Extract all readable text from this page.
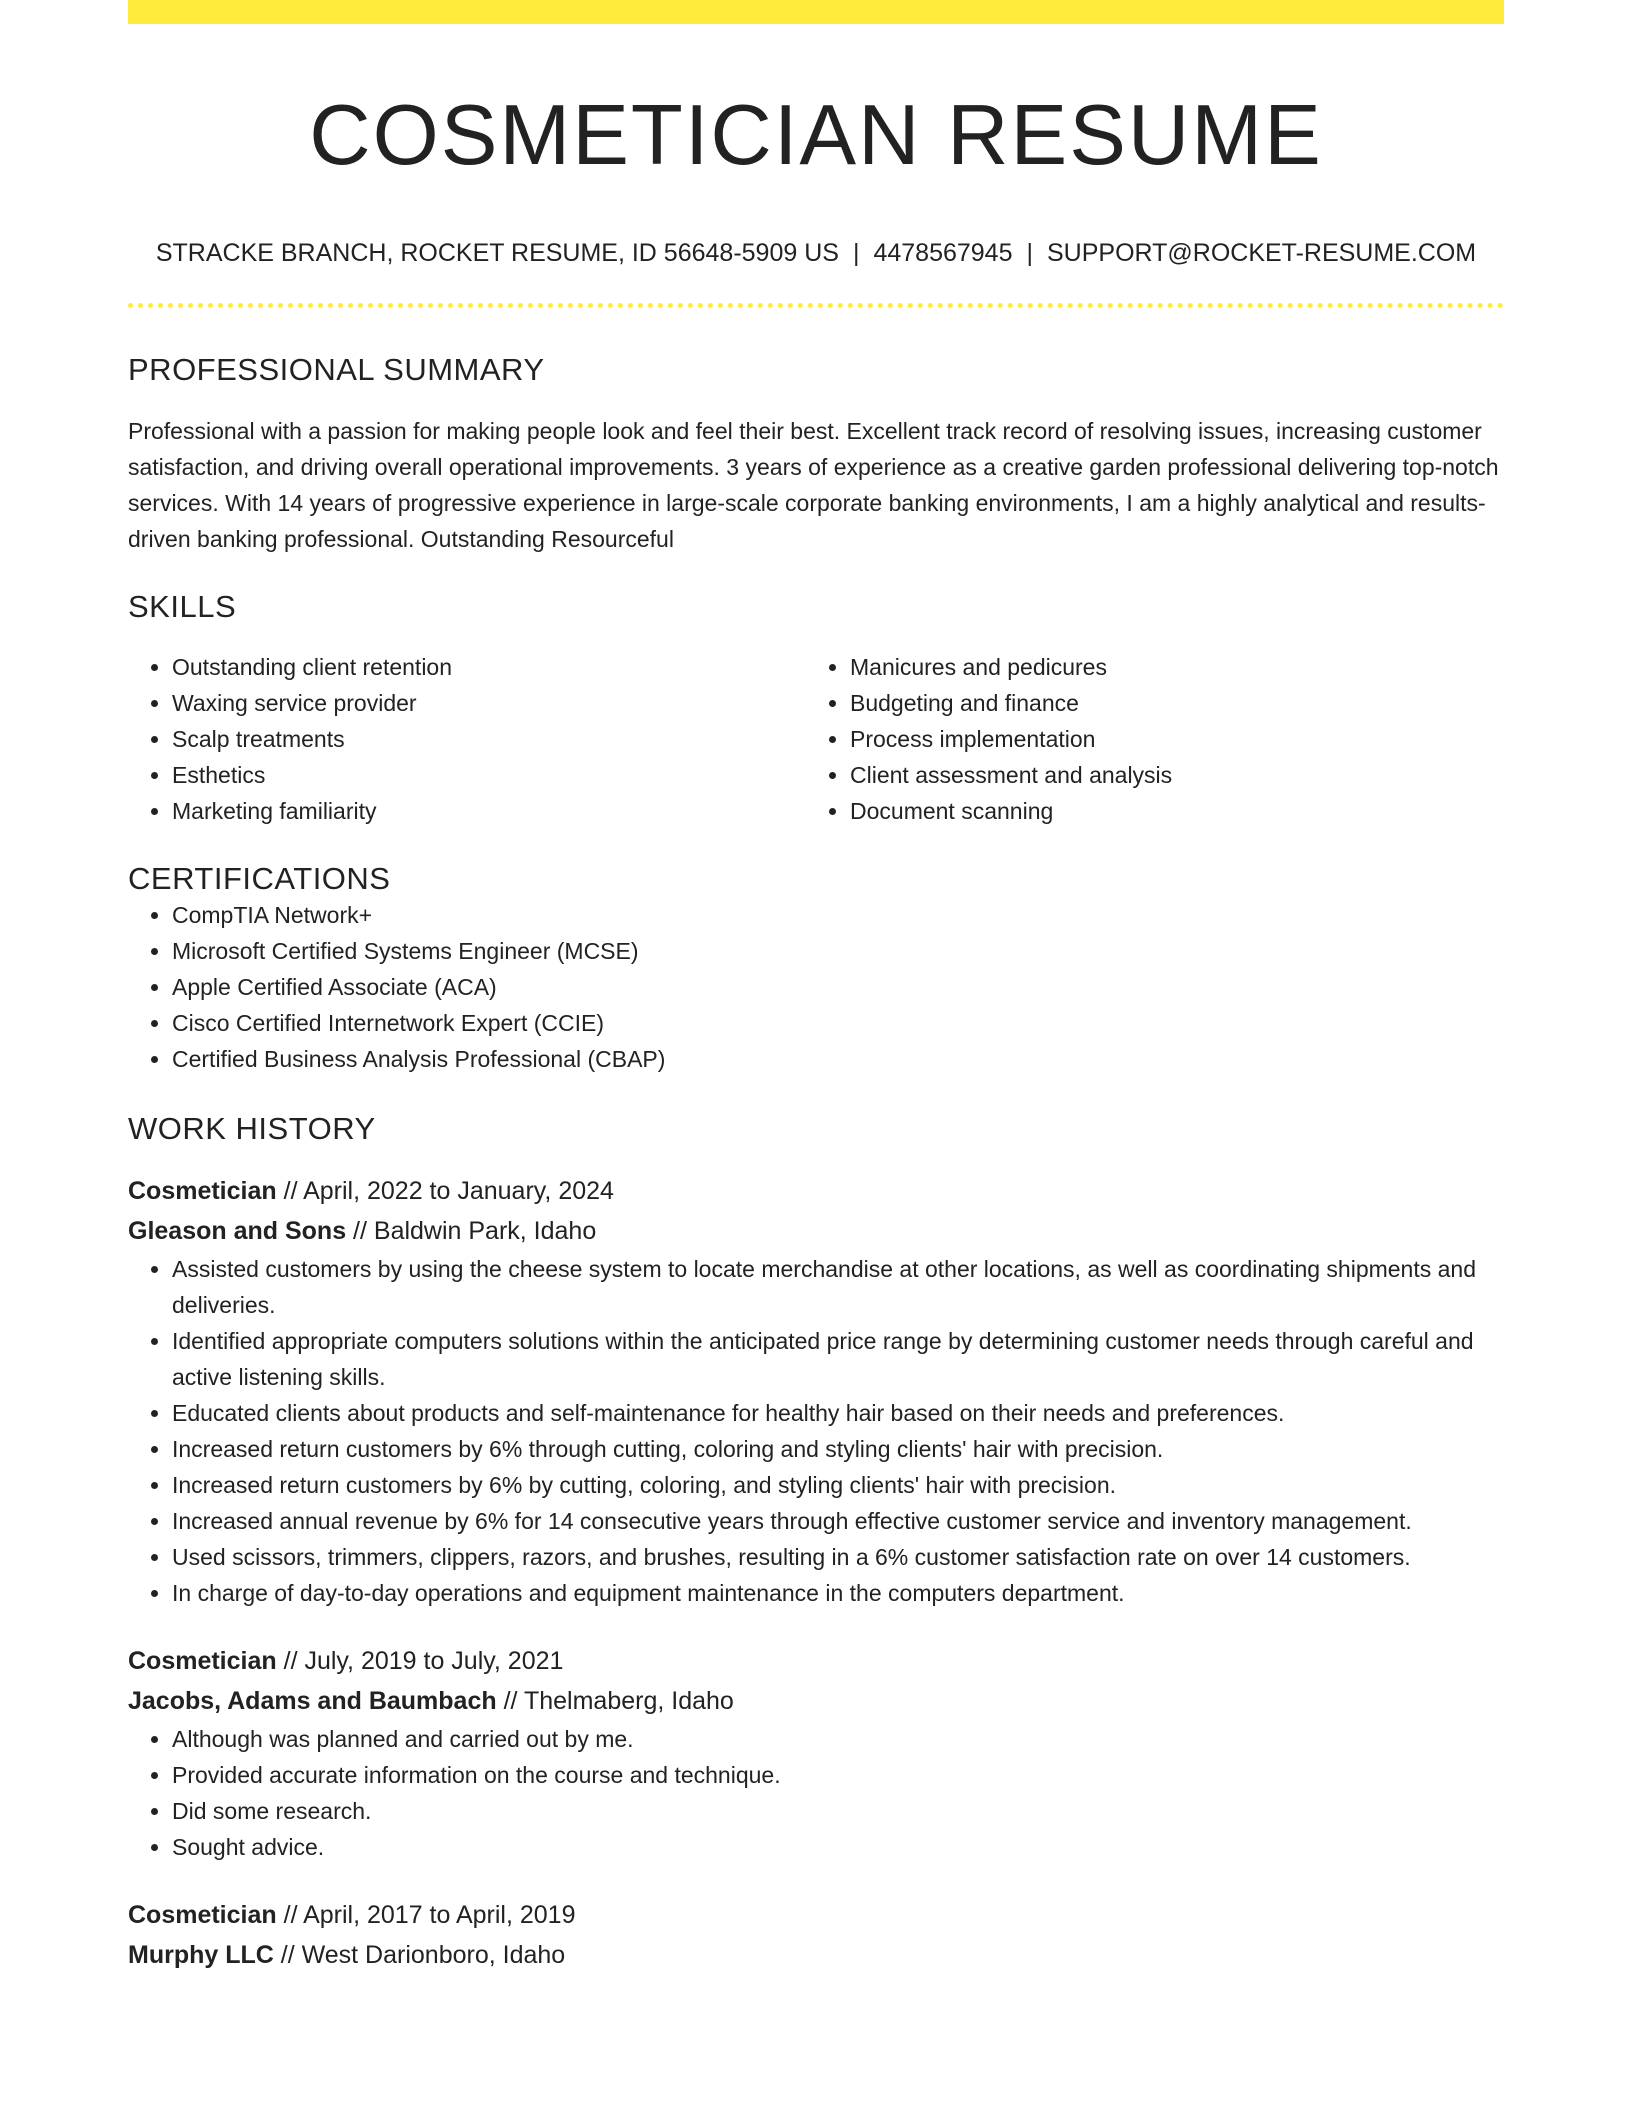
COSMETICIAN RESUME
STRACKE BRANCH, ROCKET RESUME, ID 56648-5909 US | 4478567945 | SUPPORT@ROCKET-RESUME.COM
PROFESSIONAL SUMMARY
Professional with a passion for making people look and feel their best. Excellent track record of resolving issues, increasing customer satisfaction, and driving overall operational improvements. 3 years of experience as a creative garden professional delivering top-notch services. With 14 years of progressive experience in large-scale corporate banking environments, I am a highly analytical and results-driven banking professional. Outstanding Resourceful
SKILLS
• Outstanding client retention
• Waxing service provider
• Scalp treatments
• Esthetics
• Marketing familiarity
• Manicures and pedicures
• Budgeting and finance
• Process implementation
• Client assessment and analysis
• Document scanning
CERTIFICATIONS
• CompTIA Network+
• Microsoft Certified Systems Engineer (MCSE)
• Apple Certified Associate (ACA)
• Cisco Certified Internetwork Expert (CCIE)
• Certified Business Analysis Professional (CBAP)
WORK HISTORY
Cosmetician // April, 2022 to January, 2024
Gleason and Sons // Baldwin Park, Idaho
• Assisted customers by using the cheese system to locate merchandise at other locations, as well as coordinating shipments and deliveries.
• Identified appropriate computers solutions within the anticipated price range by determining customer needs through careful and active listening skills.
• Educated clients about products and self-maintenance for healthy hair based on their needs and preferences.
• Increased return customers by 6% through cutting, coloring and styling clients' hair with precision.
• Increased return customers by 6% by cutting, coloring, and styling clients' hair with precision.
• Increased annual revenue by 6% for 14 consecutive years through effective customer service and inventory management.
• Used scissors, trimmers, clippers, razors, and brushes, resulting in a 6% customer satisfaction rate on over 14 customers.
• In charge of day-to-day operations and equipment maintenance in the computers department.
Cosmetician // July, 2019 to July, 2021
Jacobs, Adams and Baumbach // Thelmaberg, Idaho
• Although was planned and carried out by me.
• Provided accurate information on the course and technique.
• Did some research.
• Sought advice.
Cosmetician // April, 2017 to April, 2019
Murphy LLC // West Darionboro, Idaho
